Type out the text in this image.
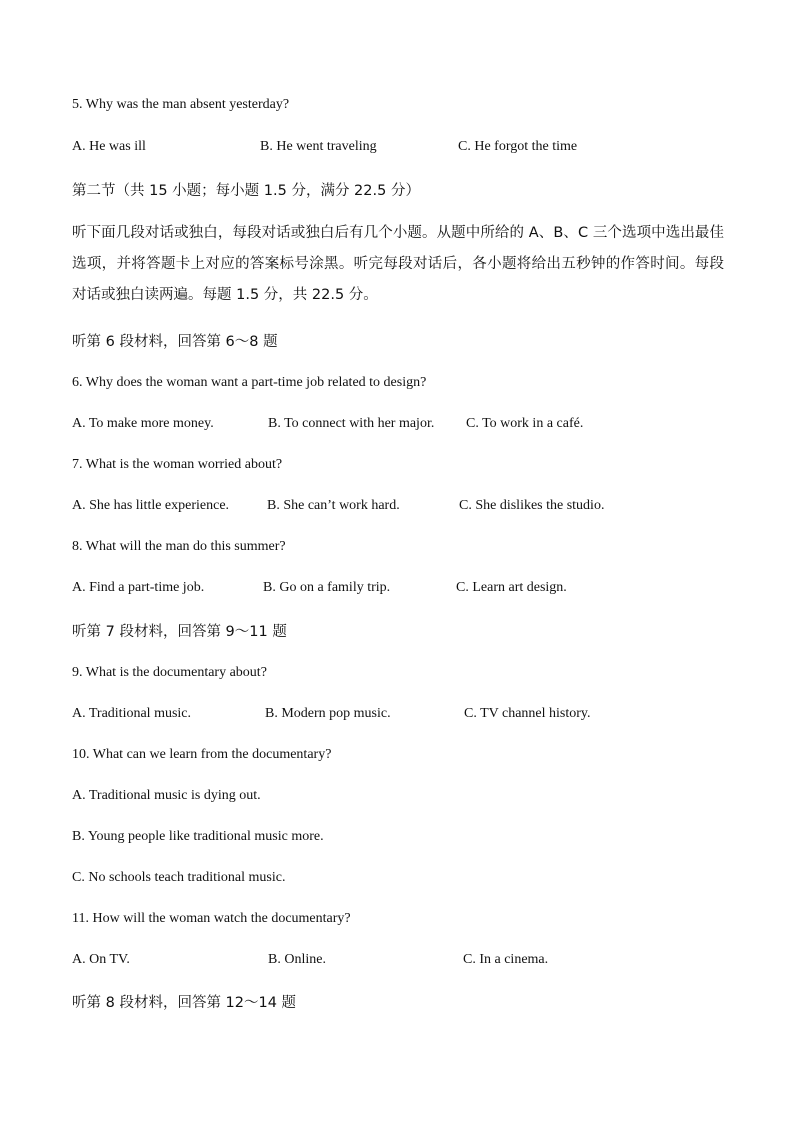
5. Why was the man absent yesterday?
A. He was ill	B. He went traveling	C. He forgot the time
第二节（共 15 小题；每小题 1.5 分，满分 22.5 分）
听下面几段对话或独白，每段对话或独白后有几个小题。从题中所给的 A、B、C 三个选项中选出最佳选项，并将答题卡上对应的答案标号涂黑。听完每段对话后，各小题将给出五秒钟的作答时间。每段对话或独白读两遍。每题 1.5 分，共 22.5 分。
听第 6 段材料，回答第 6～8 题
6. Why does the woman want a part-time job related to design?
A. To make more money.	B. To connect with her major. C. To work in a café.
7. What is the woman worried about?
A. She has little experience.	B. She can’t work hard.	C. She dislikes the studio.
8. What will the man do this summer?
A. Find a part-time job.	B. Go on a family trip.	C. Learn art design.
听第 7 段材料，回答第 9～11 题
9. What is the documentary about?
A. Traditional music.	B. Modern pop music.	C. TV channel history.
10. What can we learn from the documentary?
A. Traditional music is dying out.
B. Young people like traditional music more.
C. No schools teach traditional music.
11. How will the woman watch the documentary?
A. On TV.	B. Online.	C. In a cinema.
听第 8 段材料，回答第 12～14 题
